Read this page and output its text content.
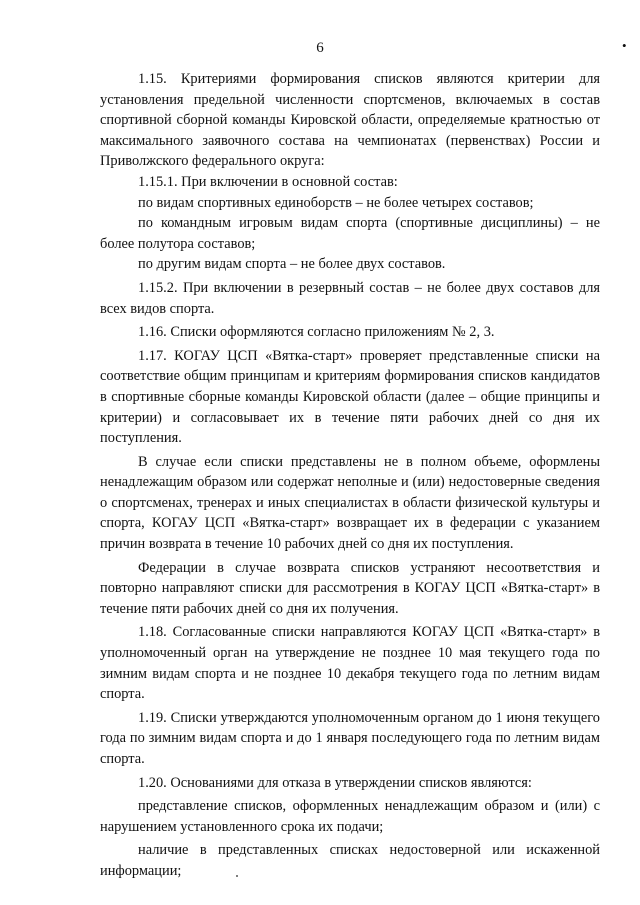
6	•

1.15. Критериями формирования списков являются критерии для установления предельной численности спортсменов, включаемых в состав спортивной сборной команды Кировской области, определяемые кратностью от максимального заявочного состава на чемпионатах (первенствах) России и Приволжского федерального округа:

1.15.1. При включении в основной состав:

по видам спортивных единоборств – не более четырех составов;

по командным игровым видам спорта (спортивные дисциплины) – не более полутора составов;

по другим видам спорта – не более двух составов.

1.15.2. При включении в резервный состав – не более двух составов для всех видов спорта.

1.16. Списки оформляются согласно приложениям № 2, 3.

1.17. КОГАУ ЦСП «Вятка-старт» проверяет представленные списки на соответствие общим принципам и критериям формирования списков кандидатов в спортивные сборные команды Кировской области (далее – общие принципы и критерии) и согласовывает их в течение пяти рабочих дней со дня их поступления.

В случае если списки представлены не в полном объеме, оформлены ненадлежащим образом или содержат неполные и (или) недостоверные сведения о спортсменах, тренерах и иных специалистах в области физической культуры и спорта, КОГАУ ЦСП «Вятка-старт» возвращает их в федерации с указанием причин возврата в течение 10 рабочих дней со дня их поступления.

Федерации в случае возврата списков устраняют несоответствия и повторно направляют списки для рассмотрения в КОГАУ ЦСП «Вятка-старт» в течение пяти рабочих дней со дня их получения.

1.18. Согласованные списки направляются КОГАУ ЦСП «Вятка-старт» в уполномоченный орган на утверждение не позднее 10 мая текущего года по зимним видам спорта и не позднее 10 декабря текущего года по летним видам спорта.

1.19. Списки утверждаются уполномоченным органом до 1 июня текущего года по зимним видам спорта и до 1 января последующего года по летним видам спорта.

1.20. Основаниями для отказа в утверждении списков являются:

представление списков, оформленных ненадлежащим образом и (или) с нарушением установленного срока их подачи;

наличие в представленных списках недостоверной или искаженной информации;
